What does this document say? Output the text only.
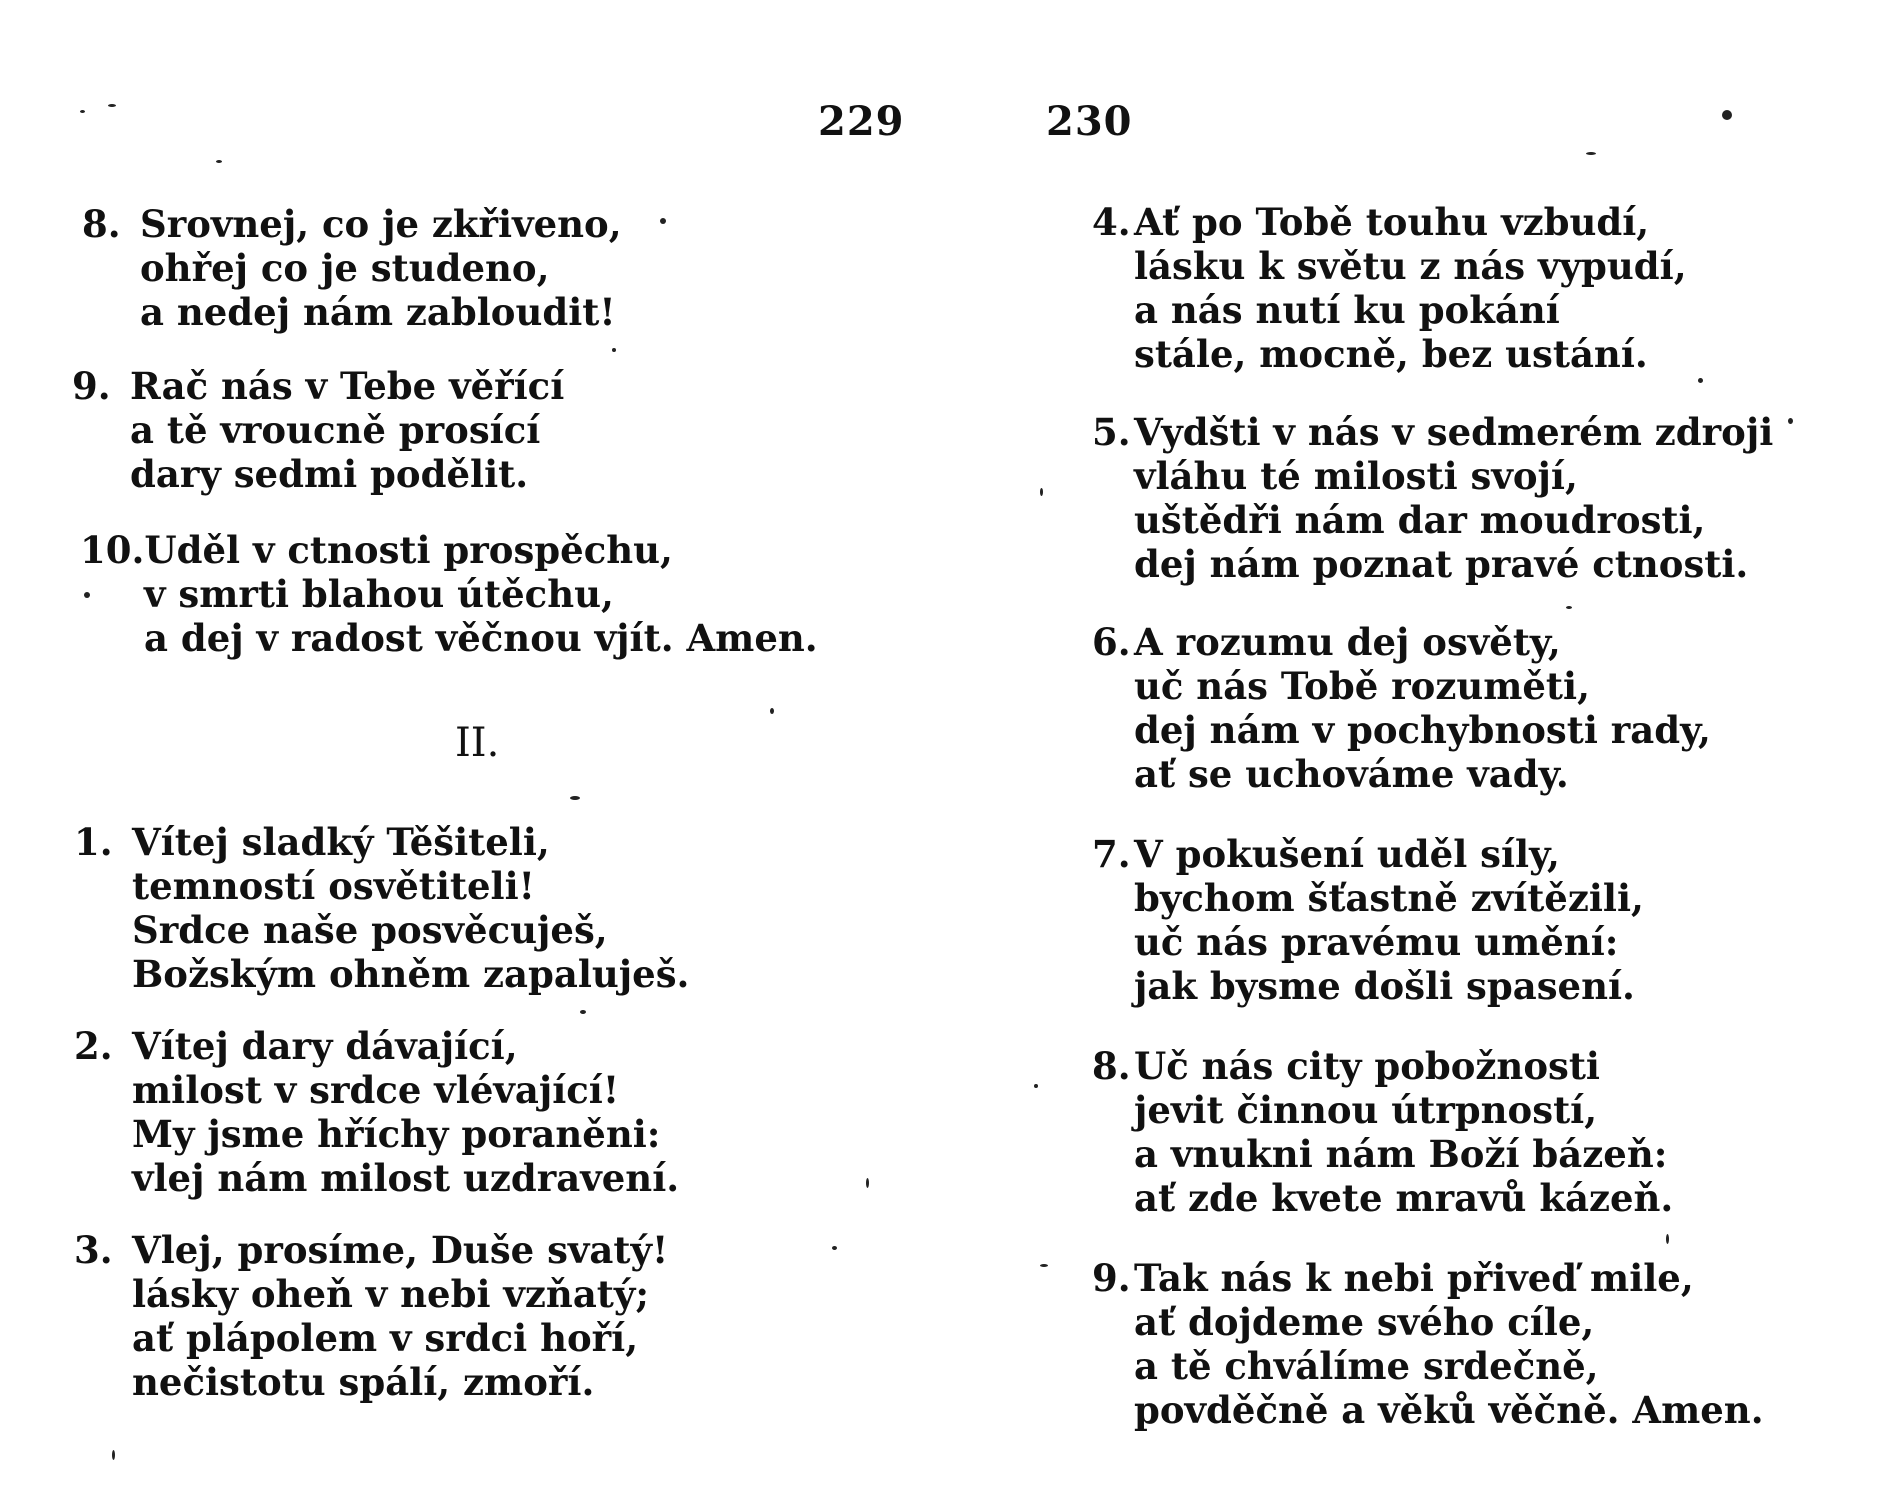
229
8. Srovnej, co je zkřiveno,
ohřej co je studeno,
a nedej nám zabloudit!
9. Rač nás v Tebe věřící
a tě vroucně prosící
dary sedmi podělit.
10.Uděl v ctnosti prospěchu,
v smrti blahou útěchu,
a dej v radost věčnou vjít. Amen.
II.
1. Vítej sladký Těšiteli,
temností osvětiteli!
Srdce naše posvěcuješ,
Božským ohněm zapaluješ.
2. Vítej dary dávající,
milost v srdce vlévající!
My jsme hříchy poraněni:
vlej nám milost uzdravení.
3. Vlej, prosíme, Duše svatý!
lásky oheň v nebi vzňatý;
ať plápolem v srdci hoří,
nečistotu spálí, zmoří.
230
4.Ať po Tobě touhu vzbudí,
lásku k světu z nás vypudí,
a nás nutí ku pokání
stále, mocně, bez ustání.
5.Vydšti v nás v sedmerém zdroji
vláhu té milosti svojí,
uštědři nám dar moudrosti,
dej nám poznat pravé ctnosti.
6.A rozumu dej osvěty,
uč nás Tobě rozuměti,
dej nám v pochybnosti rady,
ať se uchováme vady.
7.V pokušení uděl síly,
bychom šťastně zvítězili,
uč nás pravému umění:
jak bysme došli spasení.
8.Uč nás city pobožnosti
jevit činnou útrpností,
a vnukni nám Boží bázeň:
ať zde kvete mravů kázeň.
9.Tak nás k nebi přiveď mile,
ať dojdeme svého cíle,
a tě chválíme srdečně,
povděčně a věků věčně. Amen.
